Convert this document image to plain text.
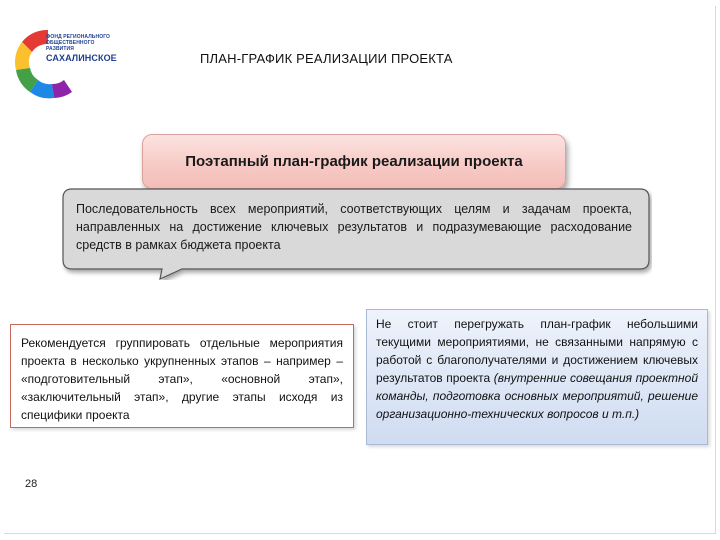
ФОНД РЕГИОНАЛЬНОГО
ОБЩЕСТВЕННОГО РАЗВИТИЯ
САХАЛИНСКОЕ	ПЛАН-ГРАФИК РЕАЛИЗАЦИИ ПРОЕКТА
Поэтапный план-график реализации проекта
Последовательность всех мероприятий, соответствующих целям и задачам проекта, направленных на достижение ключевых результатов и подразумевающие расходование средств в рамках бюджета проекта
Рекомендуется группировать отдельные мероприятия проекта в несколько укрупненных этапов – например – «подготовительный этап», «основной этап», «заключительный этап», другие этапы исходя из специфики проекта
Не стоит перегружать план-график небольшими текущими мероприятиями, не связанными напрямую с работой с благополучателями и достижением ключевых результатов проекта (внутренние совещания проектной команды, подготовка основных мероприятий, решение организационно-технических вопросов и т.п.)
28
